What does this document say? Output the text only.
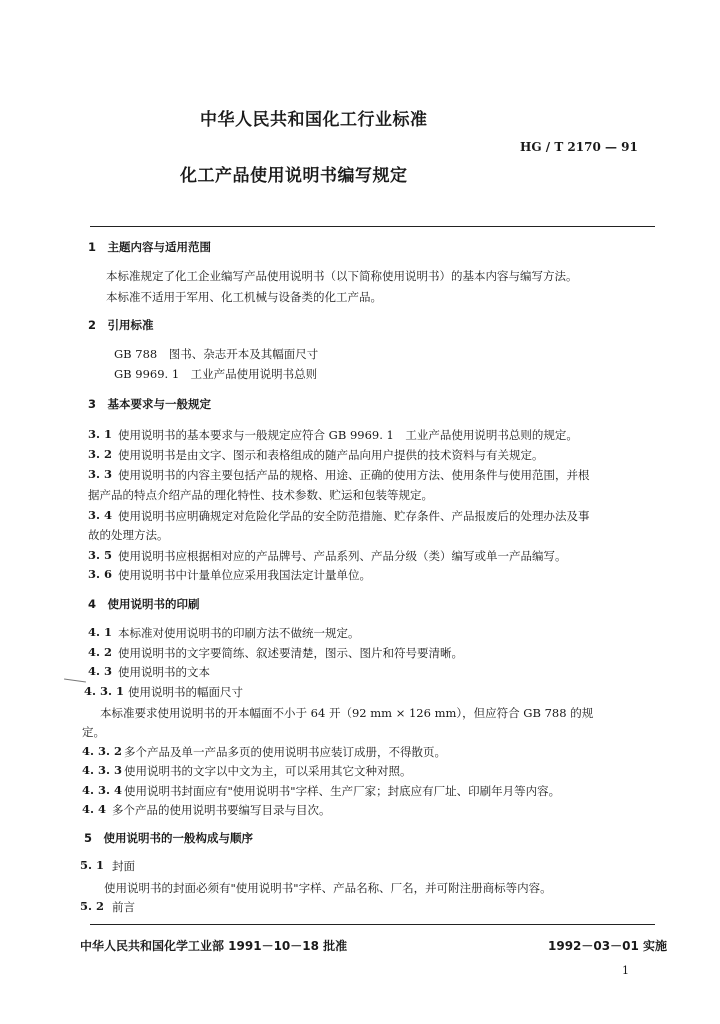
中华人民共和国化工行业标准
HG / T 2170 — 91
化工产品使用说明书编写规定
1　主题内容与适用范围
本标准规定了化工企业编写产品使用说明书（以下简称使用说明书）的基本内容与编写方法。
本标准不适用于军用、化工机械与设备类的化工产品。
2　引用标准
GB 788　图书、杂志开本及其幅面尺寸
GB 9969. 1　工业产品使用说明书总则
3　基本要求与一般规定
3. 1 使用说明书的基本要求与一般规定应符合 GB 9969. 1　工业产品使用说明书总则的规定。
3. 2 使用说明书是由文字、图示和表格组成的随产品向用户提供的技术资料与有关规定。
3. 3 使用说明书的内容主要包括产品的规格、用途、正确的使用方法、使用条件与使用范围，并根
据产品的特点介绍产品的理化特性、技术参数、贮运和包装等规定。
3. 4 使用说明书应明确规定对危险化学品的安全防范措施、贮存条件、产品报废后的处理办法及事
故的处理方法。
3. 5 使用说明书应根据相对应的产品牌号、产品系列、产品分级（类）编写或单一产品编写。
3. 6 使用说明书中计量单位应采用我国法定计量单位。
4　使用说明书的印刷
4. 1 本标准对使用说明书的印刷方法不做统一规定。
4. 2 使用说明书的文字要简练、叙述要清楚，图示、图片和符号要清晰。
4. 3 使用说明书的文本
4. 3. 1 使用说明书的幅面尺寸
本标准要求使用说明书的开本幅面不小于 64 开（92 mm × 126 mm），但应符合 GB 788 的规
定。
4. 3. 2 多个产品及单一产品多页的使用说明书应装订成册，不得散页。
4. 3. 3 使用说明书的文字以中文为主，可以采用其它文种对照。
4. 3. 4 使用说明书封面应有"使用说明书"字样、生产厂家；封底应有厂址、印刷年月等内容。
4. 4 多个产品的使用说明书要编写目录与目次。
5　使用说明书的一般构成与顺序
5. 1 封面
使用说明书的封面必须有"使用说明书"字样、产品名称、厂名，并可附注册商标等内容。
5. 2 前言
中华人民共和国化学工业部 1991－10－18 批准	1992－03－01 实施
1
